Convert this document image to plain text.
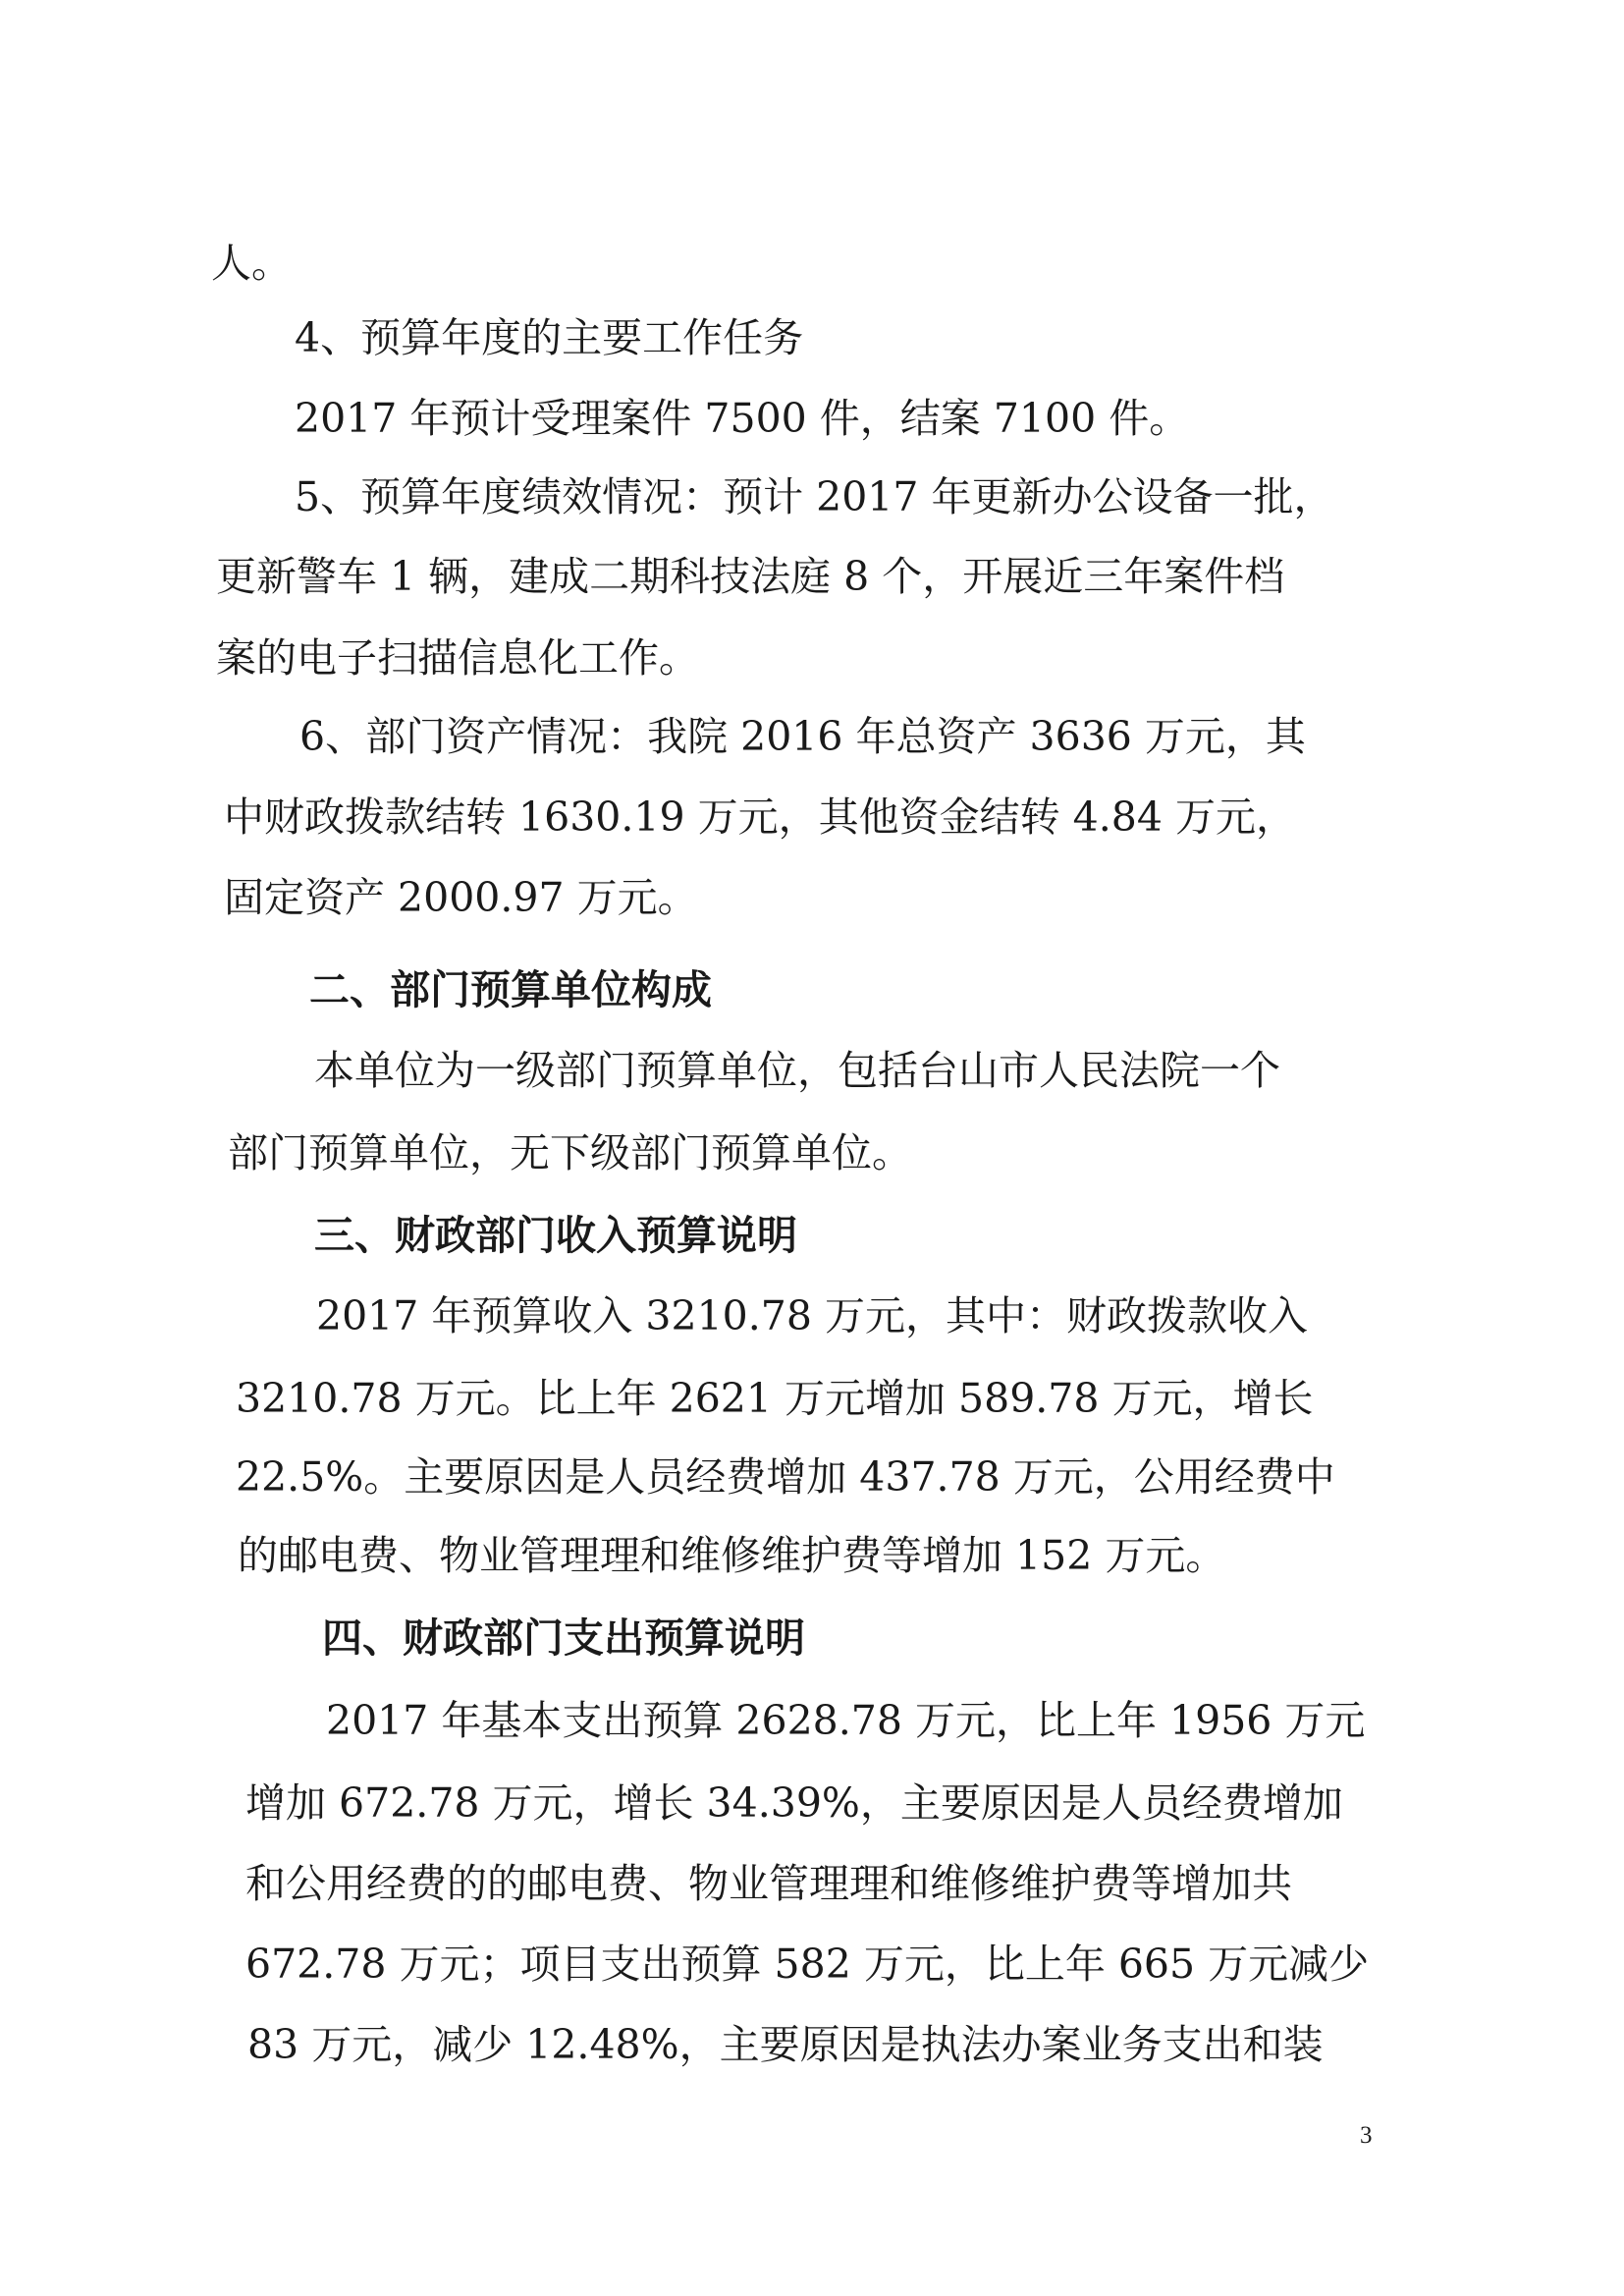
人。
4、预算年度的主要工作任务
2017 年预计受理案件 7500 件，结案 7100 件。
5、预算年度绩效情况：预计 2017 年更新办公设备一批，
更新警车 1 辆，建成二期科技法庭 8 个，开展近三年案件档
案的电子扫描信息化工作。
6、部门资产情况：我院 2016 年总资产 3636 万元，其
中财政拨款结转 1630.19 万元，其他资金结转 4.84 万元，
固定资产 2000.97 万元。
二、部门预算单位构成
本单位为一级部门预算单位，包括台山市人民法院一个
部门预算单位，无下级部门预算单位。
三、财政部门收入预算说明
2017 年预算收入 3210.78 万元，其中：财政拨款收入
3210.78 万元。比上年 2621 万元增加 589.78 万元，增长
22.5%。主要原因是人员经费增加 437.78 万元，公用经费中
的邮电费、物业管理理和维修维护费等增加 152 万元。
四、财政部门支出预算说明
2017 年基本支出预算 2628.78 万元，比上年 1956 万元
增加 672.78 万元，增长 34.39%，主要原因是人员经费增加
和公用经费的的邮电费、物业管理理和维修维护费等增加共
672.78 万元；项目支出预算 582 万元，比上年 665 万元减少
83 万元，减少 12.48%，主要原因是执法办案业务支出和装
3
